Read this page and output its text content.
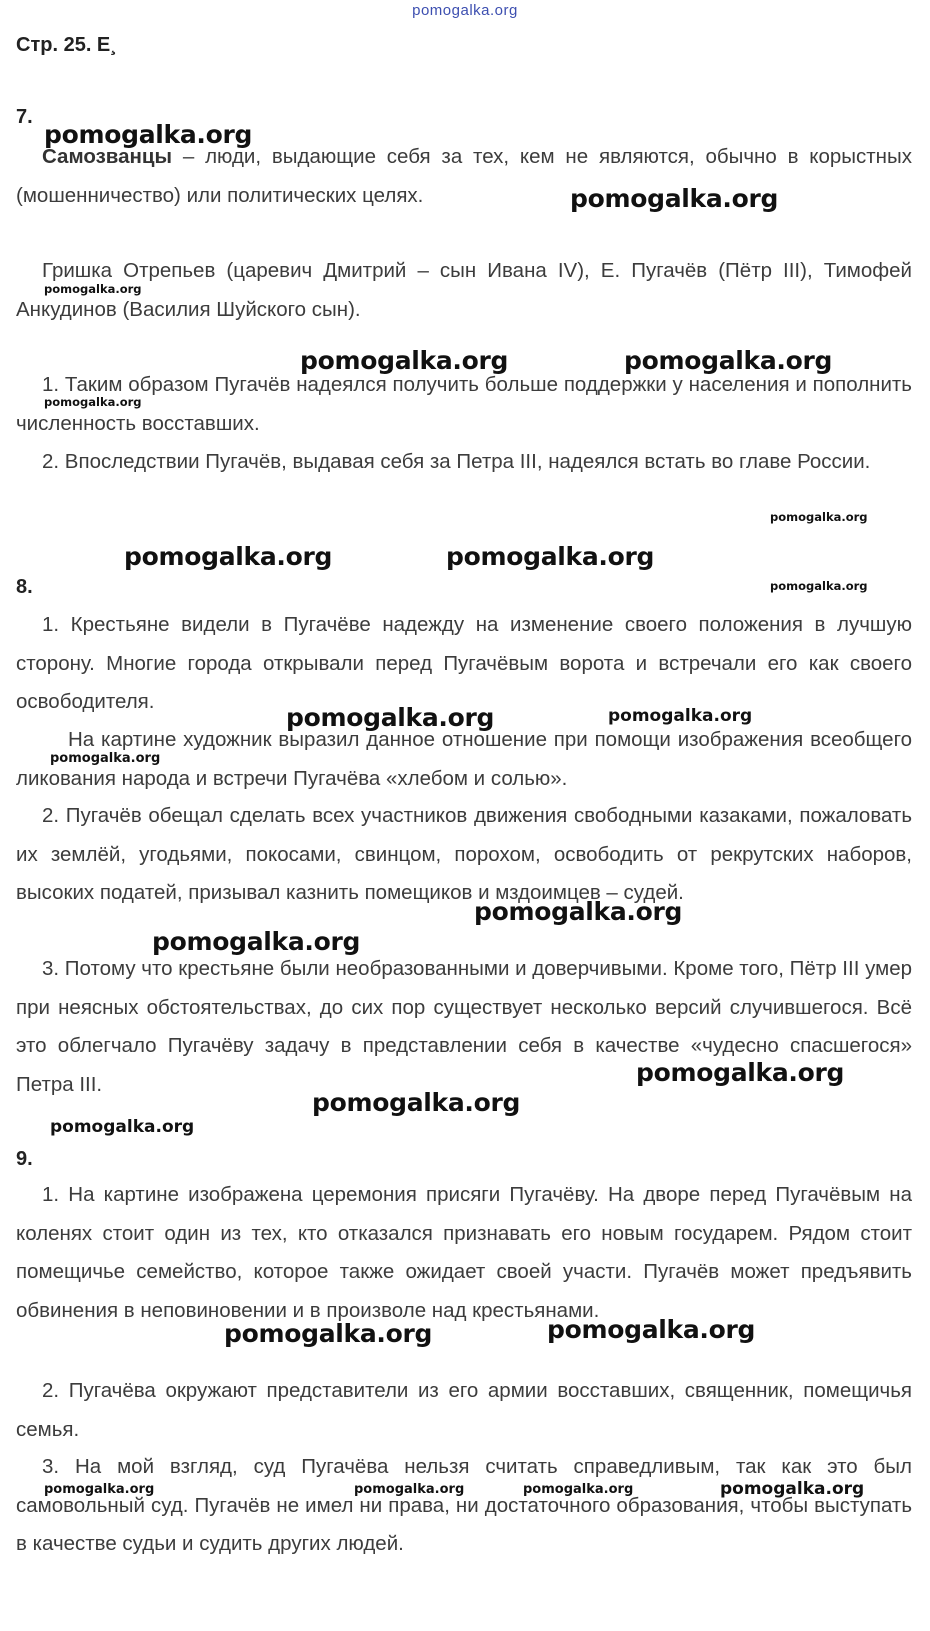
pomogalka.org
Стр. 25. Е¸
7.

Самозванцы – люди, выдающие себя за тех, кем не являются, обычно в корыстных (мошенничество) или политических целях.

Гришка Отрепьев (царевич Дмитрий – сын Ивана IV), Е. Пугачёв (Пётр III), Тимофей Анкудинов (Василия Шуйского сын).

1. Таким образом Пугачёв надеялся получить больше поддержки у населения и пополнить численность восставших.

2. Впоследствии Пугачёв, выдавая себя за Петра III, надеялся встать во главе России.

8.

1. Крестьяне видели в Пугачёве надежду на изменение своего положения в лучшую сторону. Многие города открывали перед Пугачёвым ворота и встречали его как своего освободителя.

На картине художник выразил данное отношение при помощи изображения всеобщего ликования народа и встречи Пугачёва «хлебом и солью».

2. Пугачёв обещал сделать всех участников движения свободными казаками, пожаловать их землёй, угодьями, покосами, свинцом, порохом, освободить от рекрутских наборов, высоких податей, призывал казнить помещиков и мздоимцев – судей.

3. Потому что крестьяне были необразованными и доверчивыми. Кроме того, Пётр III умер при неясных обстоятельствах, до сих пор существует несколько версий случившегося. Всё это облегчало Пугачёву задачу в представлении себя в качестве «чудесно спасшегося» Петра III.

9.

1. На картине изображена церемония присяги Пугачёву. На дворе перед Пугачёвым на коленях стоит один из тех, кто отказался признавать его новым государем. Рядом стоит помещичье семейство, которое также ожидает своей участи. Пугачёв может предъявить обвинения в неповиновении и в произволе над крестьянами.

2. Пугачёва окружают представители из его армии восставших, священник, помещичья семья.

3. На мой взгляд, суд Пугачёва нельзя считать справедливым, так как это был самовольный суд. Пугачёв не имел ни права, ни достаточного образования, чтобы выступать в качестве судьи и судить других людей.

pomogalka.org
pomogalka.org
pomogalka.org
pomogalka.org	pomogalka.org
pomogalka.org
pomogalka.org
pomogalka.org	pomogalka.org
pomogalka.org
pomogalka.org	pomogalka.org
pomogalka.org
pomogalka.org
pomogalka.org
pomogalka.org
pomogalka.org
pomogalka.org
pomogalka.org	pomogalka.org
pomogalka.org	pomogalka.org	pomogalka.org	pomogalka.org
